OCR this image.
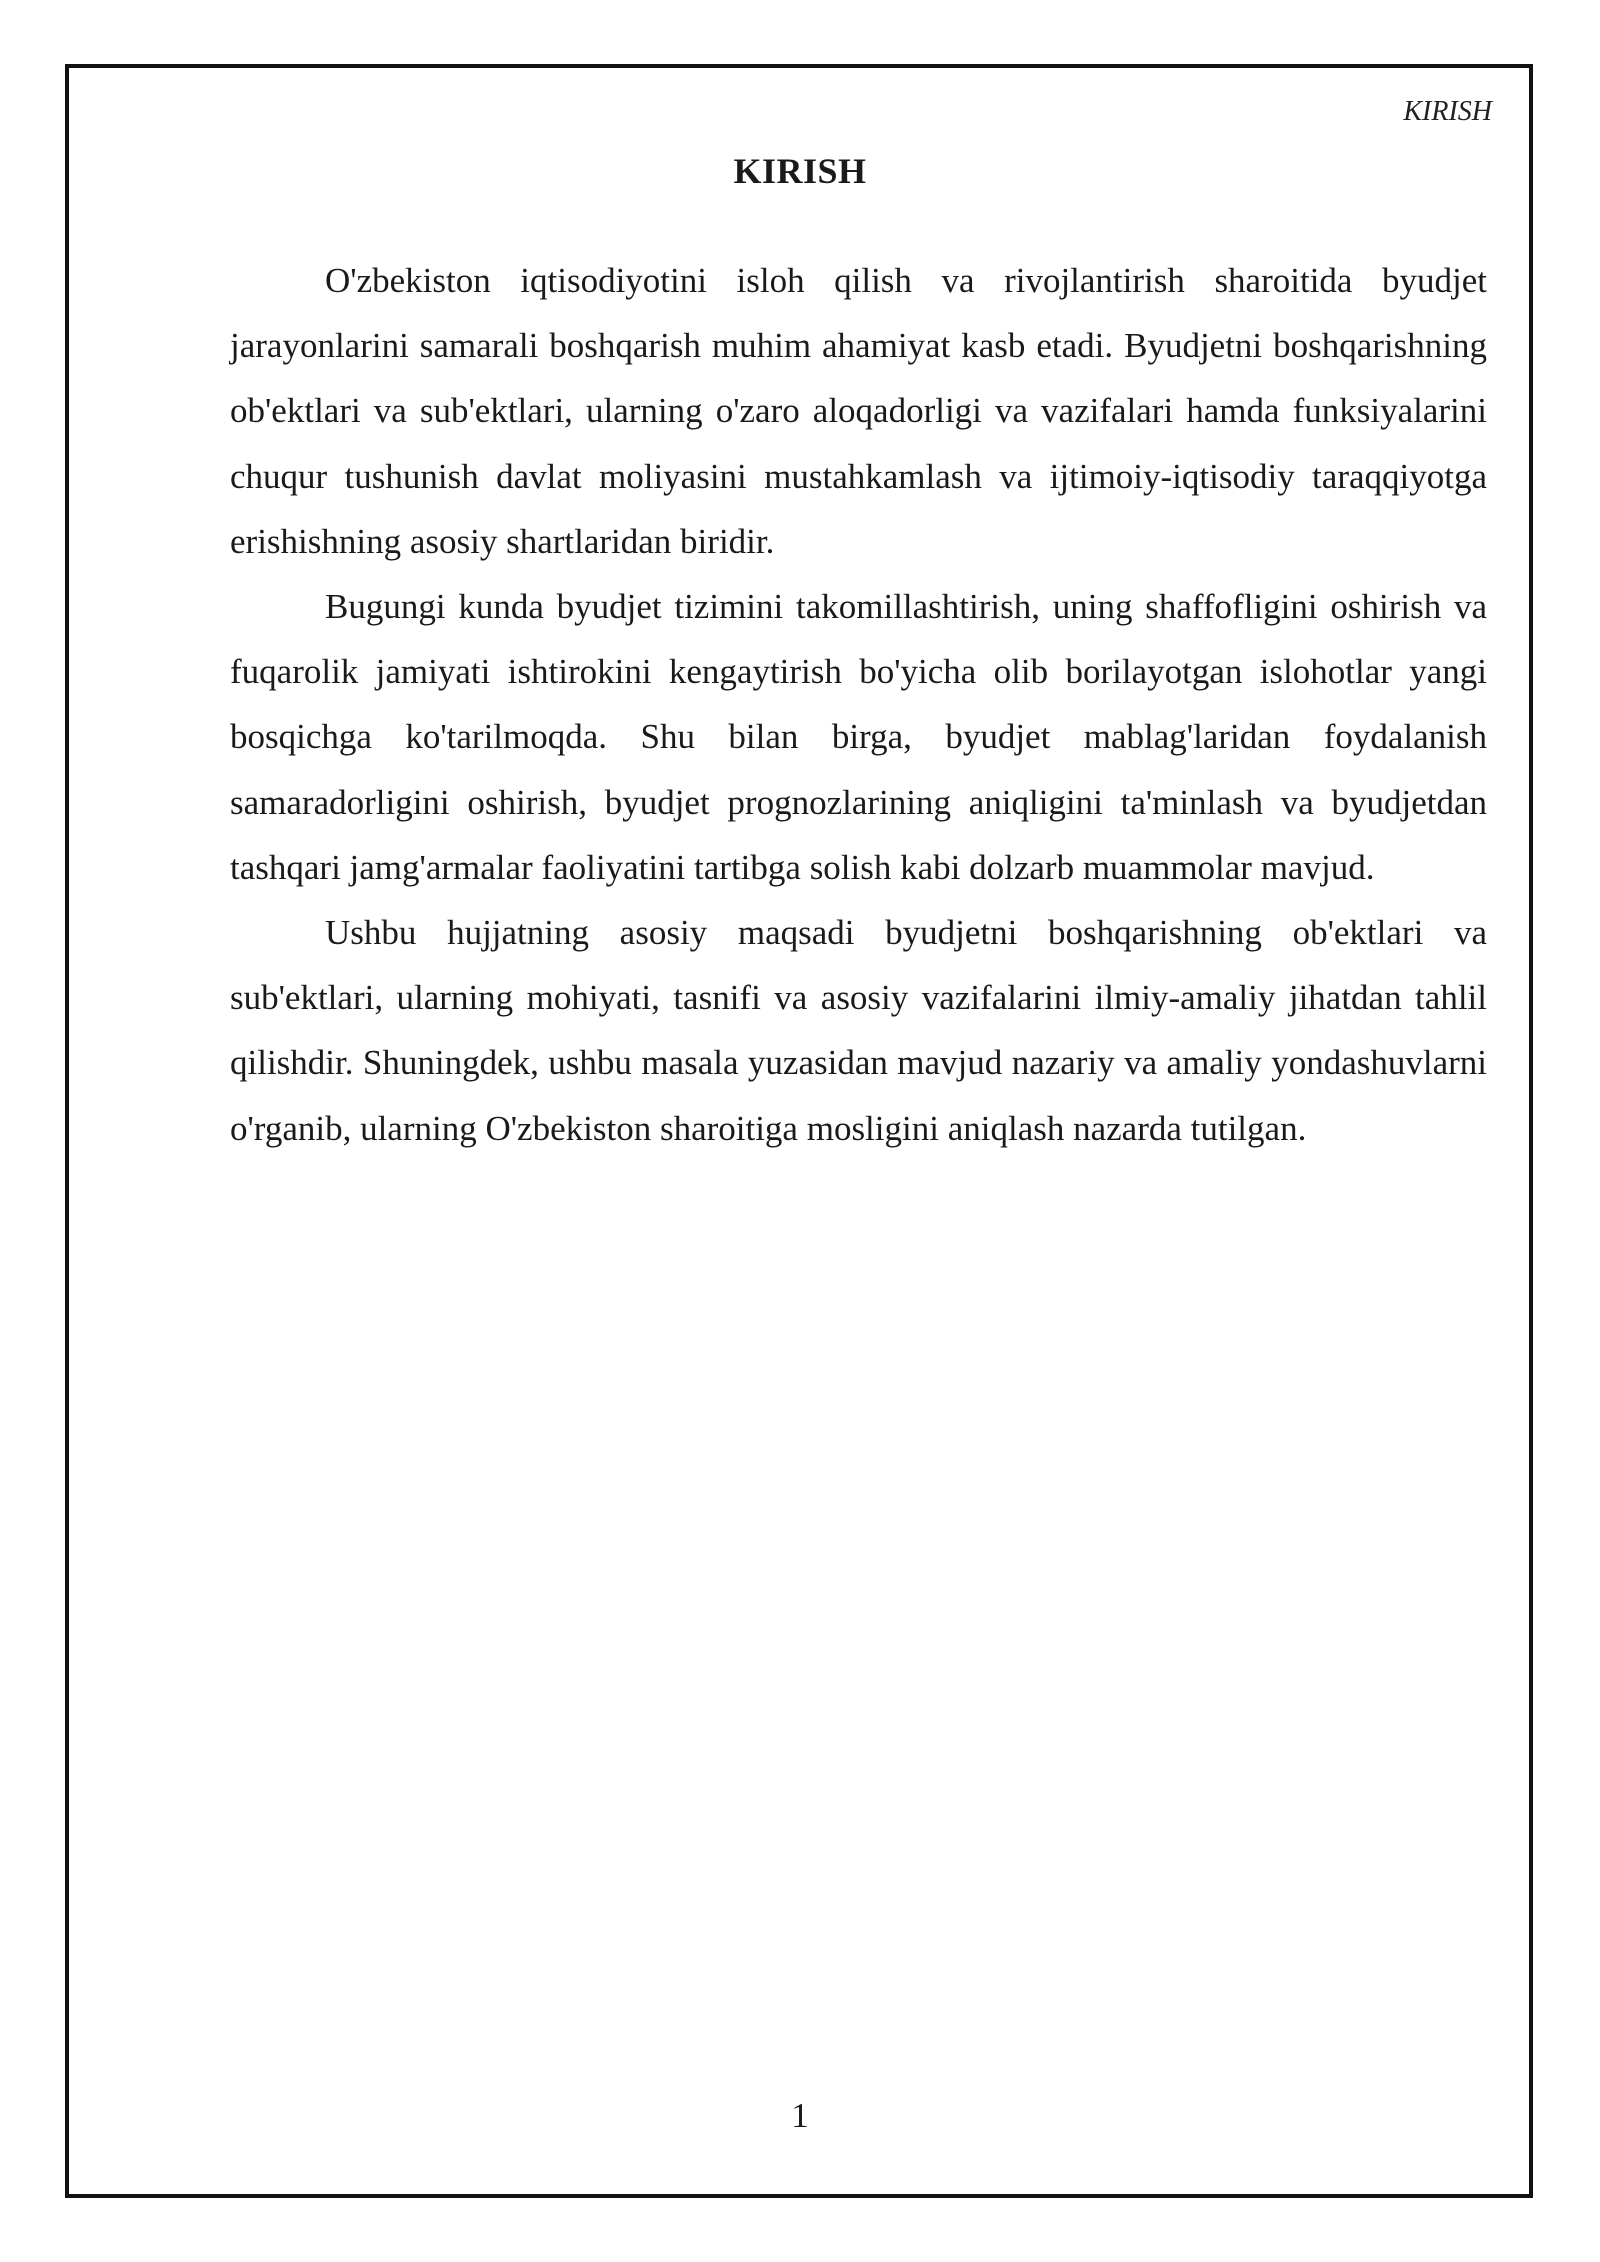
KIRISH
KIRISH

O'zbekiston iqtisodiyotini isloh qilish va rivojlantirish sharoitida byudjet jarayonlarini samarali boshqarish muhim ahamiyat kasb etadi. Byudjetni boshqarishning ob'ektlari va sub'ektlari, ularning o'zaro aloqadorligi va vazifalari hamda funksiyalarini chuqur tushunish davlat moliyasini mustahkamlash va ijtimoiy-iqtisodiy taraqqiyotga erishishning asosiy shartlaridan biridir.

Bugungi kunda byudjet tizimini takomillashtirish, uning shaffofligini oshirish va fuqarolik jamiyati ishtirokini kengaytirish bo'yicha olib borilayotgan islohotlar yangi bosqichga ko'tarilmoqda. Shu bilan birga, byudjet mablag'laridan foydalanish samaradorligini oshirish, byudjet prognozlarining aniqligini ta'minlash va byudjetdan tashqari jamg'armalar faoliyatini tartibga solish kabi dolzarb muammolar mavjud.

Ushbu hujjatning asosiy maqsadi byudjetni boshqarishning ob'ektlari va sub'ektlari, ularning mohiyati, tasnifi va asosiy vazifalarini ilmiy-amaliy jihatdan tahlil qilishdir. Shuningdek, ushbu masala yuzasidan mavjud nazariy va amaliy yondashuvlarni o'rganib, ularning O'zbekiston sharoitiga mosligini aniqlash nazarda tutilgan.

1
